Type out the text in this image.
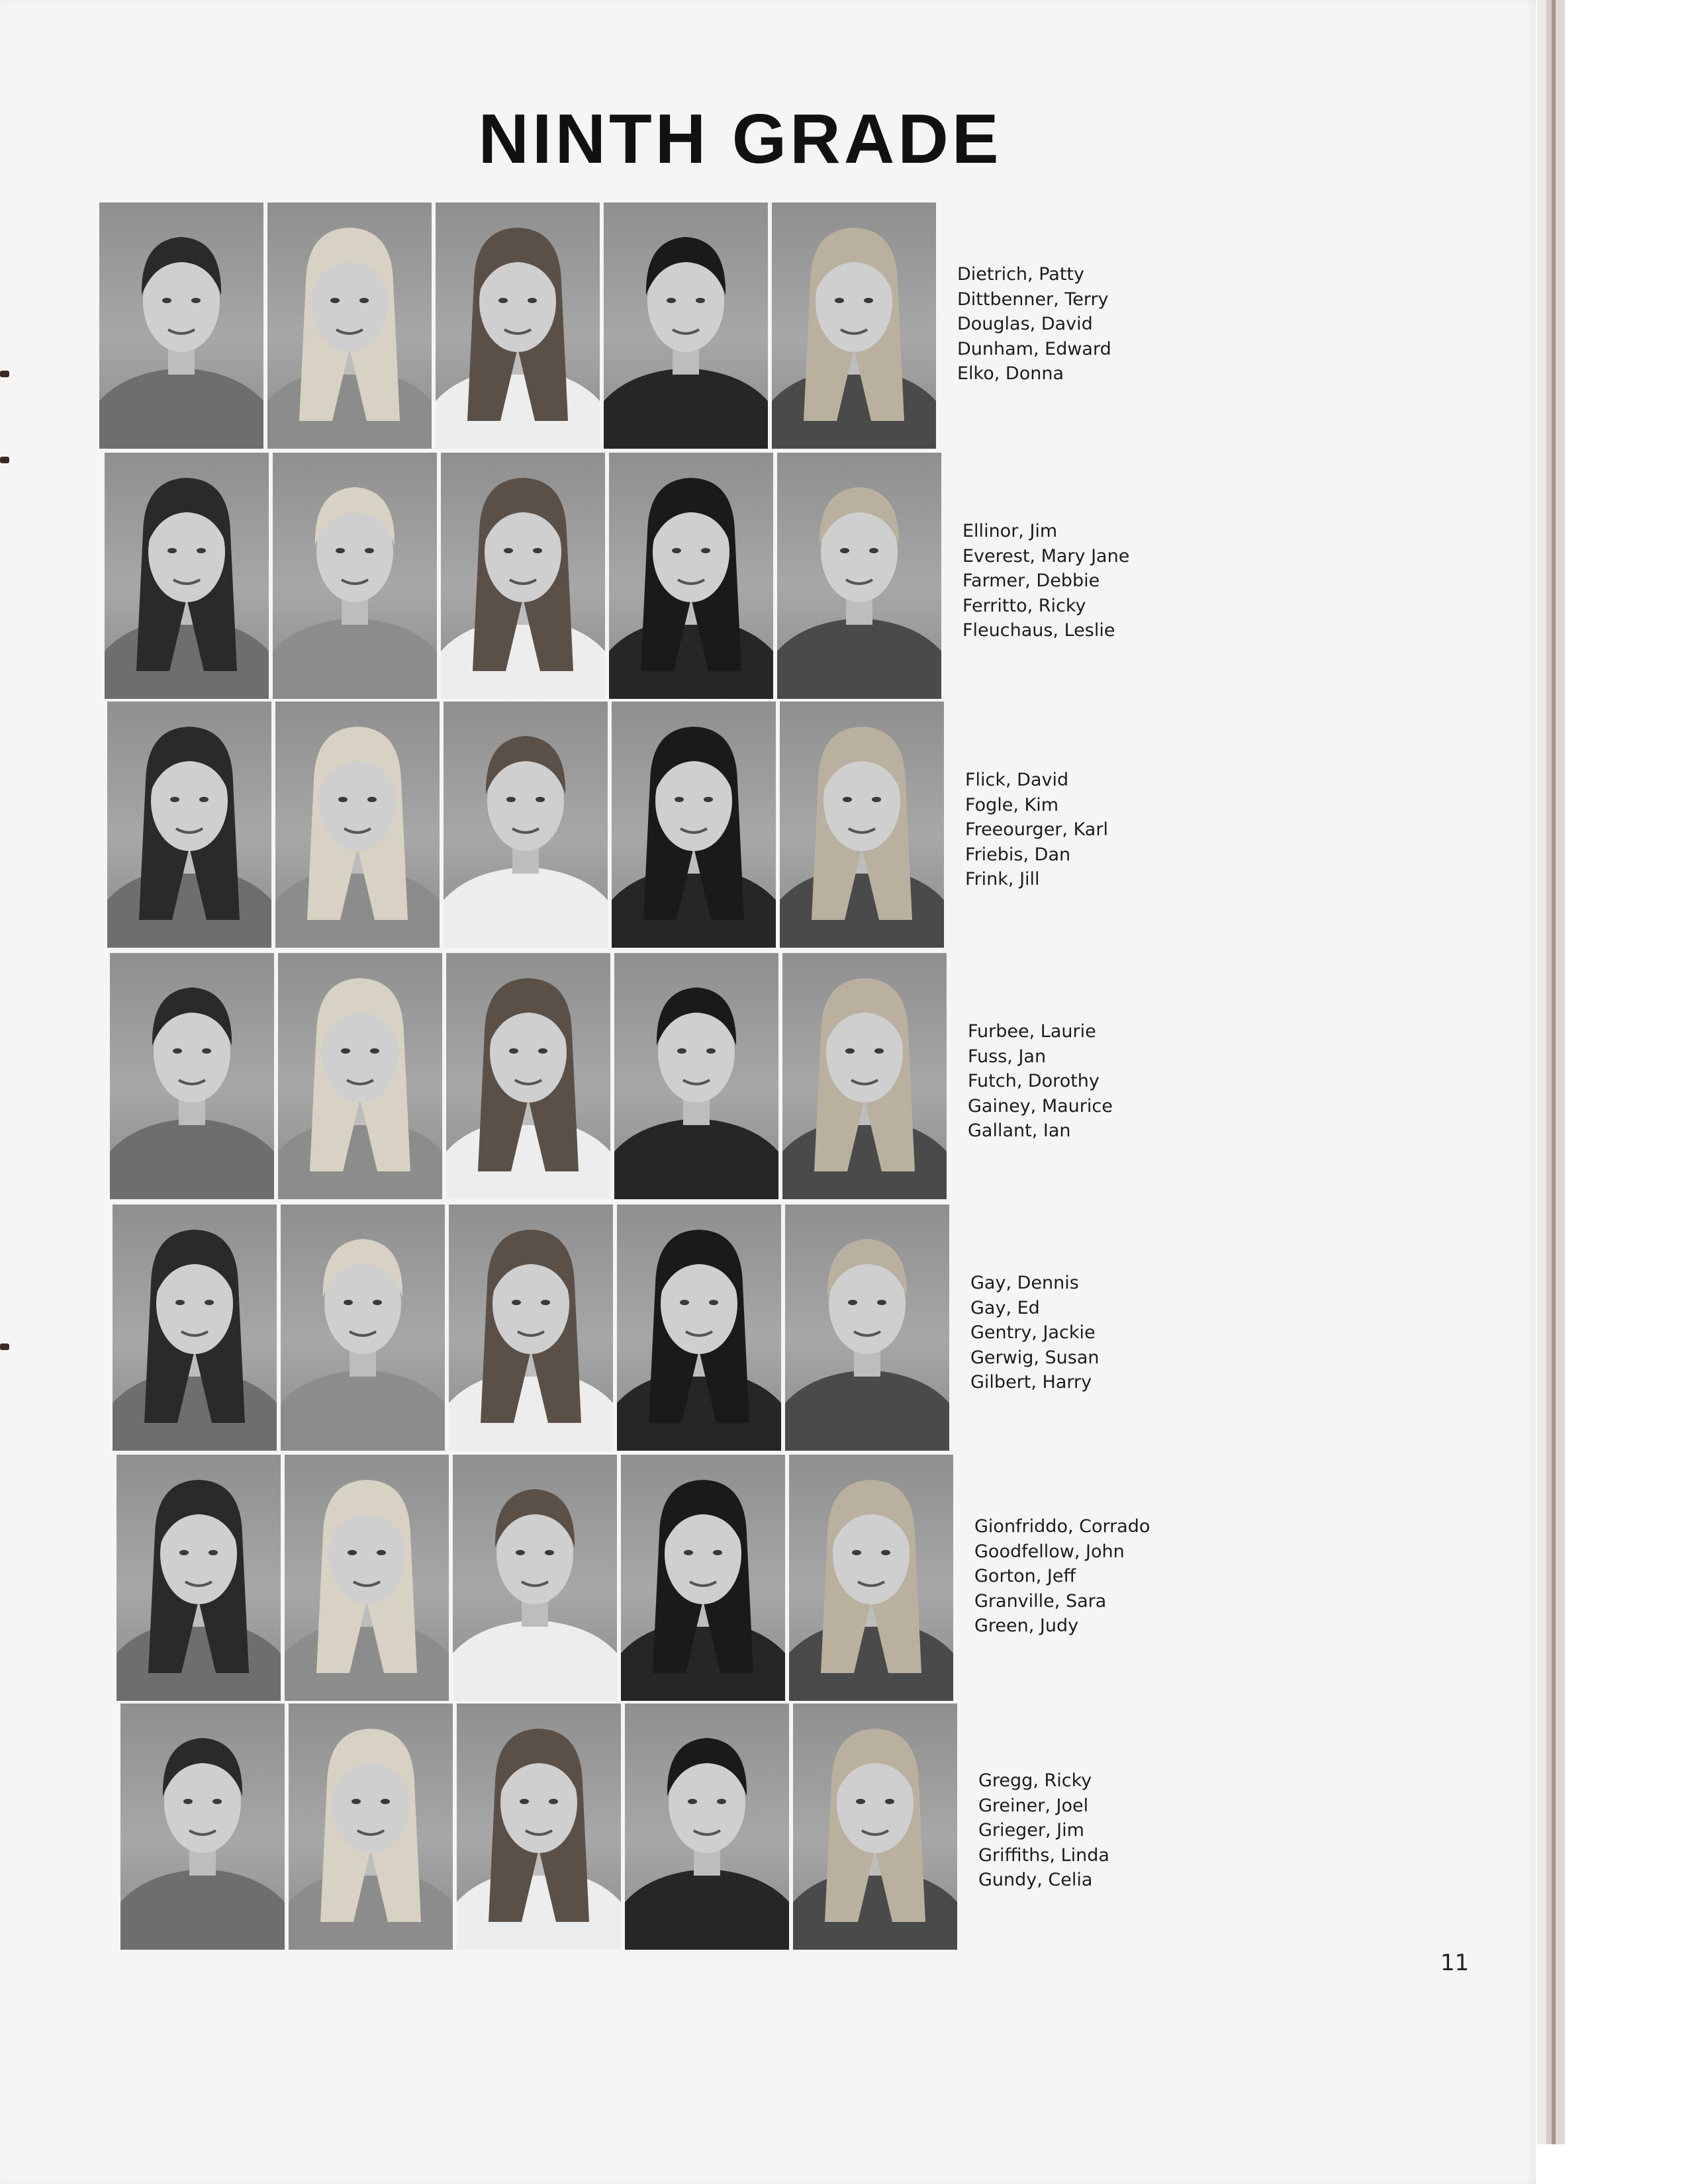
NINTH GRADE
Dietrich, Patty
Dittbenner, Terry
Douglas, David
Dunham, Edward
Elko, Donna
Ellinor, Jim
Everest, Mary Jane
Farmer, Debbie
Ferritto, Ricky
Fleuchaus, Leslie
Flick, David
Fogle, Kim
Freeourger, Karl
Friebis, Dan
Frink, Jill
Furbee, Laurie
Fuss, Jan
Futch, Dorothy
Gainey, Maurice
Gallant, Ian
Gay, Dennis
Gay, Ed
Gentry, Jackie
Gerwig, Susan
Gilbert, Harry
Gionfriddo, Corrado
Goodfellow, John
Gorton, Jeff
Granville, Sara
Green, Judy
Gregg, Ricky
Greiner, Joel
Grieger, Jim
Griffiths, Linda
Gundy, Celia
11
